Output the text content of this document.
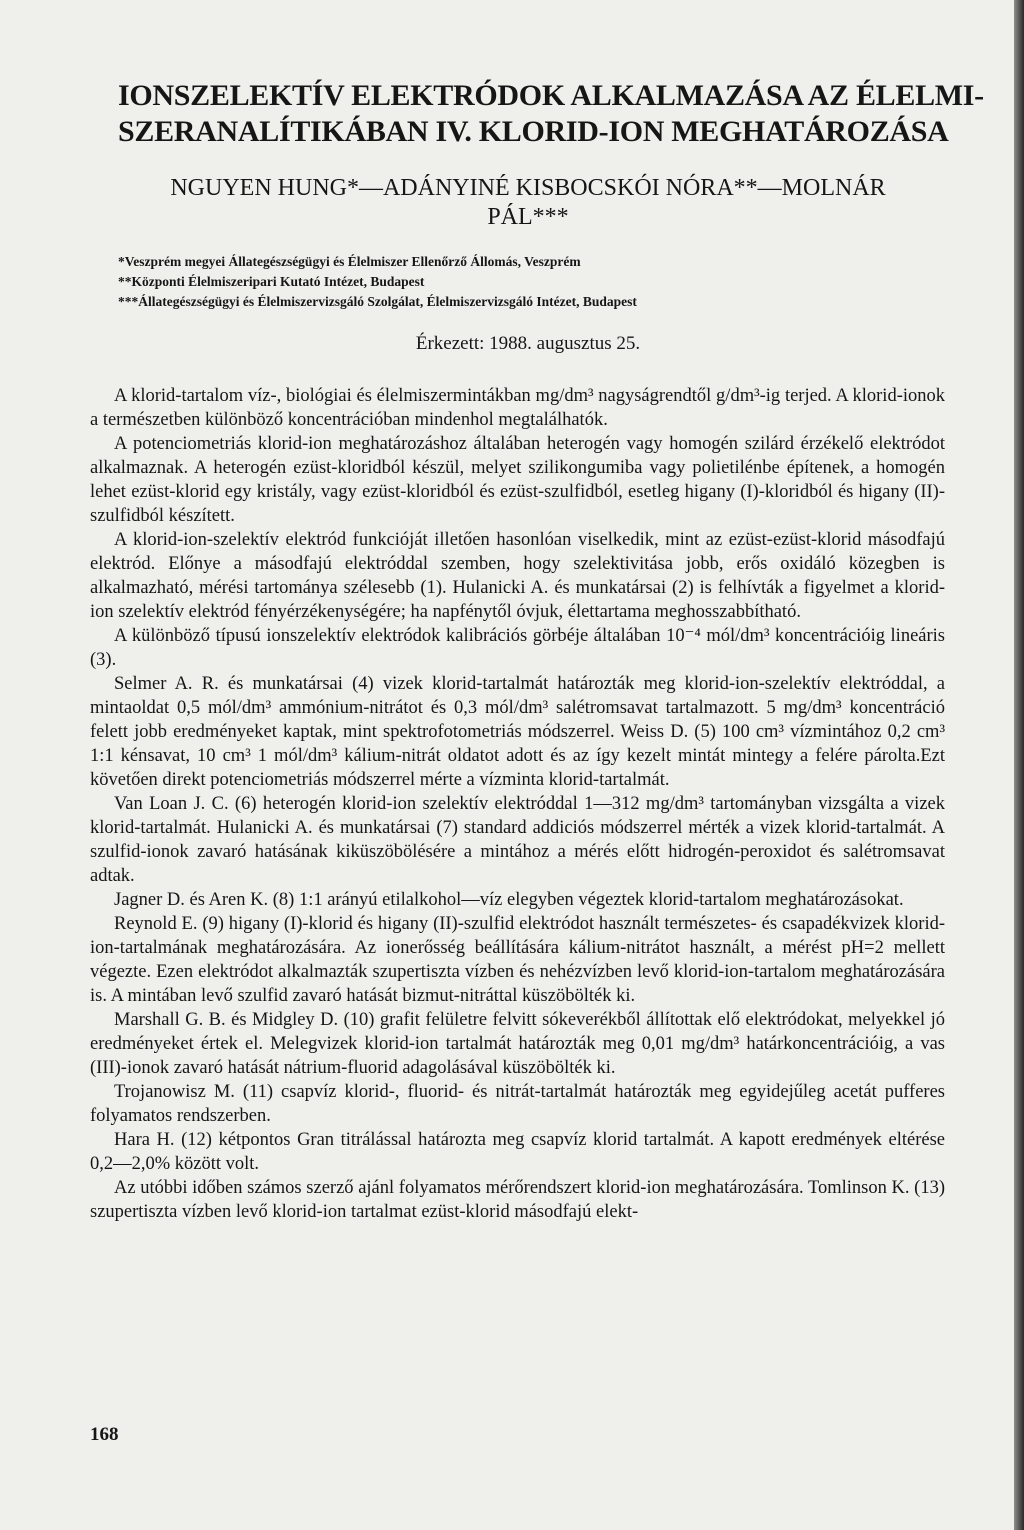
IONSZELEKTÍV ELEKTRÓDOK ALKALMAZÁSA AZ ÉLELMI-
SZERANALÍTIKÁBAN IV. KLORID-ION MEGHATÁROZÁSA
NGUYEN HUNG*—ADÁNYINÉ KISBOCSKÓI NÓRA**—MOLNÁR
PÁL***
*Veszprém megyei Állategészségügyi és Élelmiszer Ellenőrző Állomás, Veszprém
**Központi Élelmiszeripari Kutató Intézet, Budapest
***Állategészségügyi és Élelmiszervizsgáló Szolgálat, Élelmiszervizsgáló Intézet, Budapest
Érkezett: 1988. augusztus 25.

A klorid-tartalom víz-, biológiai és élelmiszermintákban mg/dm³ nagyságrendtől g/dm³-ig terjed. A klorid-ionok a természetben különböző koncentrációban mindenhol megtalálhatók.

A potenciometriás klorid-ion meghatározáshoz általában heterogén vagy homogén szilárd érzékelő elektródot alkalmaznak. A heterogén ezüst-kloridból készül, melyet szilikongumiba vagy polietilénbe építenek, a homogén lehet ezüst-klorid egy kristály, vagy ezüst-kloridból és ezüst-szulfidból, esetleg higany (I)-kloridból és higany (II)-szulfidból készített.

A klorid-ion-szelektív elektród funkcióját illetően hasonlóan viselkedik, mint az ezüst-ezüst-klorid másodfajú elektród. Előnye a másodfajú elektróddal szemben, hogy szelektivitása jobb, erős oxidáló közegben is alkalmazható, mérési tartománya szélesebb (1). Hulanicki A. és munkatársai (2) is felhívták a figyelmet a klorid-ion szelektív elektród fényérzékenységére; ha napfénytől óvjuk, élettartama meghosszabbítható.

A különböző típusú ionszelektív elektródok kalibrációs görbéje általában 10⁻⁴ mól/dm³ koncentrációig lineáris (3).

Selmer A. R. és munkatársai (4) vizek klorid-tartalmát határozták meg klorid-ion-szelektív elektróddal, a mintaoldat 0,5 mól/dm³ ammónium-nitrátot és 0,3 mól/dm³ salétromsavat tartalmazott. 5 mg/dm³ koncentráció felett jobb eredményeket kaptak, mint spektrofotometriás módszerrel. Weiss D. (5) 100 cm³ vízmintához 0,2 cm³ 1:1 kénsavat, 10 cm³ 1 mól/dm³ kálium-nitrát oldatot adott és az így kezelt mintát mintegy a felére párolta.Ezt követően direkt potenciometriás módszerrel mérte a vízminta klorid-tartalmát.

Van Loan J. C. (6) heterogén klorid-ion szelektív elektróddal 1—312 mg/dm³ tartományban vizsgálta a vizek klorid-tartalmát. Hulanicki A. és munkatársai (7) standard addiciós módszerrel mérték a vizek klorid-tartalmát. A szulfid-ionok zavaró hatásának kiküszöbölésére a mintához a mérés előtt hidrogén-peroxidot és salétromsavat adtak.

Jagner D. és Aren K. (8) 1:1 arányú etilalkohol—víz elegyben végeztek klorid-tartalom meghatározásokat.

Reynold E. (9) higany (I)-klorid és higany (II)-szulfid elektródot használt természetes- és csapadékvizek klorid-ion-tartalmának meghatározására. Az ionerősség beállítására kálium-nitrátot használt, a mérést pH=2 mellett végezte. Ezen elektródot alkalmazták szupertiszta vízben és nehézvízben levő klorid-ion-tartalom meghatározására is. A mintában levő szulfid zavaró hatását bizmut-nitráttal küszöbölték ki.

Marshall G. B. és Midgley D. (10) grafit felületre felvitt sókeverékből állítottak elő elektródokat, melyekkel jó eredményeket értek el. Melegvizek klorid-ion tartalmát határozták meg 0,01 mg/dm³ határkoncentrációig, a vas (III)-ionok zavaró hatását nátrium-fluorid adagolásával küszöbölték ki.

Trojanowisz M. (11) csapvíz klorid-, fluorid- és nitrát-tartalmát határozták meg egyidejűleg acetát pufferes folyamatos rendszerben.

Hara H. (12) kétpontos Gran titrálással határozta meg csapvíz klorid tartalmát. A kapott eredmények eltérése 0,2—2,0% között volt.

Az utóbbi időben számos szerző ajánl folyamatos mérőrendszert klorid-ion meghatározására. Tomlinson K. (13) szupertiszta vízben levő klorid-ion tartalmat ezüst-klorid másodfajú elekt-

168
